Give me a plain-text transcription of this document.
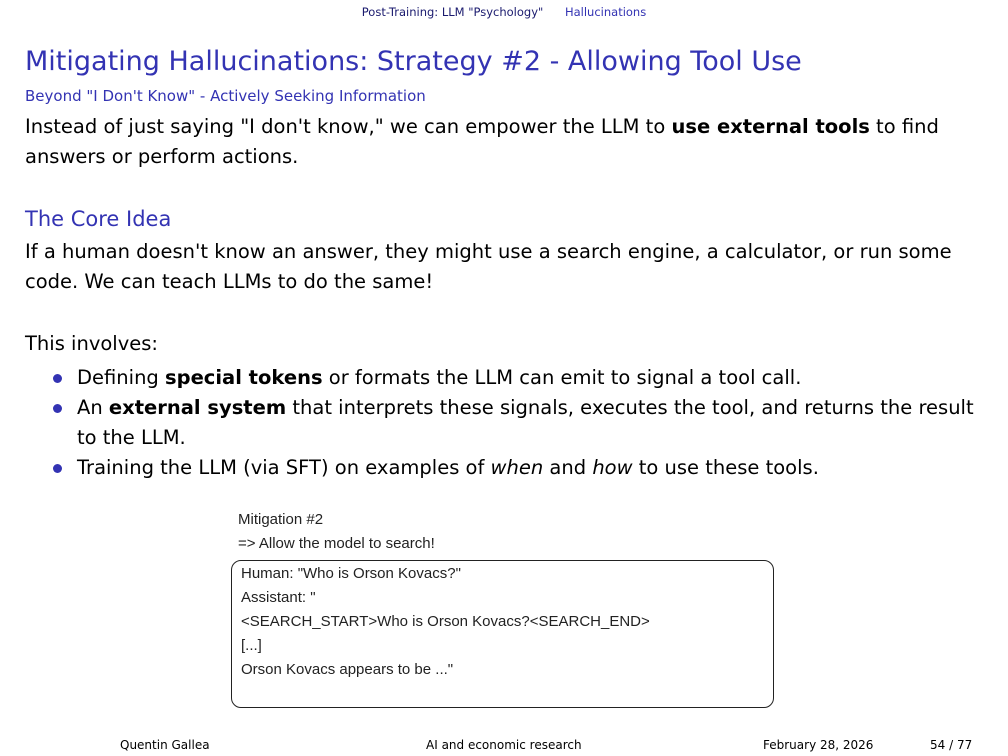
Post-Training: LLM "Psychology" Hallucinations
Mitigating Hallucinations: Strategy #2 - Allowing Tool Use
Beyond "I Don't Know" - Actively Seeking Information
Instead of just saying "I don't know," we can empower the LLM to use external tools to find answers or perform actions.
The Core Idea
If a human doesn't know an answer, they might use a search engine, a calculator, or run some code. We can teach LLMs to do the same!
This involves:
Defining special tokens or formats the LLM can emit to signal a tool call.
An external system that interprets these signals, executes the tool, and returns the result to the LLM.
Training the LLM (via SFT) on examples of when and how to use these tools.
Mitigation #2
=> Allow the model to search!
Human: "Who is Orson Kovacs?"
Assistant: "
<SEARCH_START>Who is Orson Kovacs?<SEARCH_END>
[...]
Orson Kovacs appears to be ..."
Quentin Gallea	AI and economic research	February 28, 2026	54 / 77
